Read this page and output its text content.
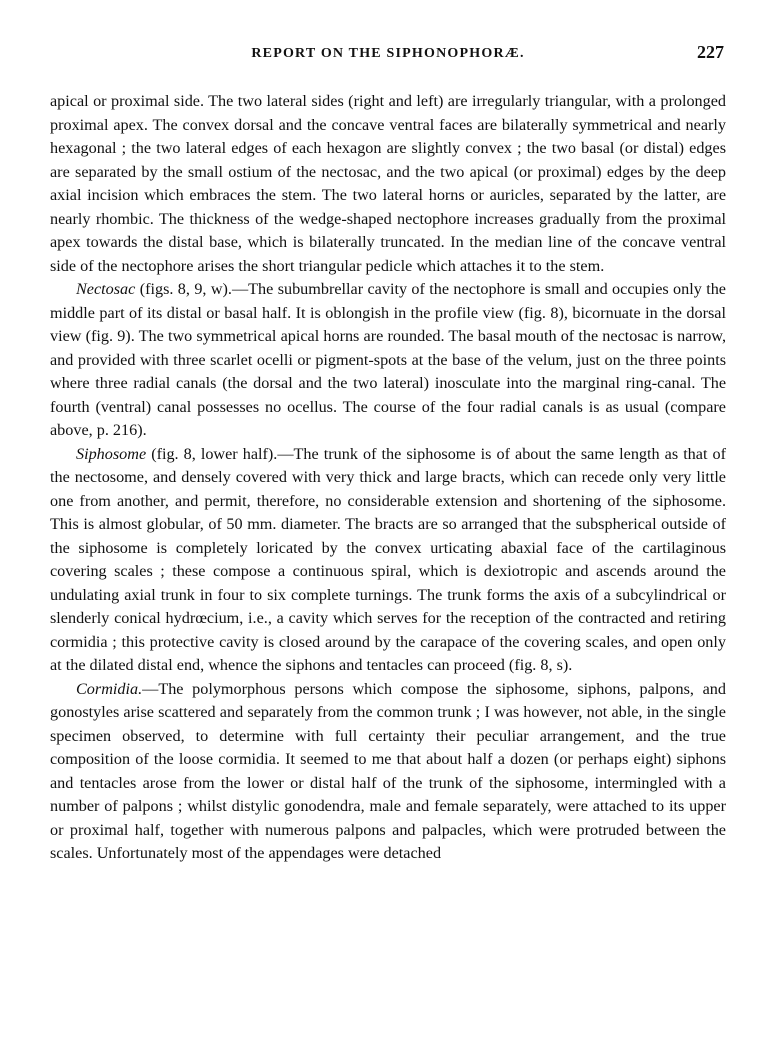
REPORT ON THE SIPHONOPHORÆ.	227

apical or proximal side. The two lateral sides (right and left) are irregularly triangular, with a prolonged proximal apex. The convex dorsal and the concave ventral faces are bilaterally symmetrical and nearly hexagonal ; the two lateral edges of each hexagon are slightly convex ; the two basal (or distal) edges are separated by the small ostium of the nectosac, and the two apical (or proximal) edges by the deep axial incision which embraces the stem. The two lateral horns or auricles, separated by the latter, are nearly rhombic. The thickness of the wedge-shaped nectophore increases gradually from the proximal apex towards the distal base, which is bilaterally truncated. In the median line of the concave ventral side of the nectophore arises the short triangular pedicle which attaches it to the stem.

Nectosac (figs. 8, 9, w).—The subumbrellar cavity of the nectophore is small and occupies only the middle part of its distal or basal half. It is oblongish in the profile view (fig. 8), bicornuate in the dorsal view (fig. 9). The two symmetrical apical horns are rounded. The basal mouth of the nectosac is narrow, and provided with three scarlet ocelli or pigment-spots at the base of the velum, just on the three points where three radial canals (the dorsal and the two lateral) inosculate into the marginal ring-canal. The fourth (ventral) canal possesses no ocellus. The course of the four radial canals is as usual (compare above, p. 216).

Siphosome (fig. 8, lower half).—The trunk of the siphosome is of about the same length as that of the nectosome, and densely covered with very thick and large bracts, which can recede only very little one from another, and permit, therefore, no considerable extension and shortening of the siphosome. This is almost globular, of 50 mm. diameter. The bracts are so arranged that the subspherical outside of the siphosome is completely loricated by the convex urticating abaxial face of the cartilaginous covering scales ; these compose a continuous spiral, which is dexiotropic and ascends around the undulating axial trunk in four to six complete turnings. The trunk forms the axis of a subcylindrical or slenderly conical hydrœcium, i.e., a cavity which serves for the reception of the contracted and retiring cormidia ; this protective cavity is closed around by the carapace of the covering scales, and open only at the dilated distal end, whence the siphons and tentacles can proceed (fig. 8, s).

Cormidia.—The polymorphous persons which compose the siphosome, siphons, palpons, and gonostyles arise scattered and separately from the common trunk ; I was however, not able, in the single specimen observed, to determine with full certainty their peculiar arrangement, and the true composition of the loose cormidia. It seemed to me that about half a dozen (or perhaps eight) siphons and tentacles arose from the lower or distal half of the trunk of the siphosome, intermingled with a number of palpons ; whilst distylic gonodendra, male and female separately, were attached to its upper or proximal half, together with numerous palpons and palpacles, which were protruded between the scales. Unfortunately most of the appendages were detached
